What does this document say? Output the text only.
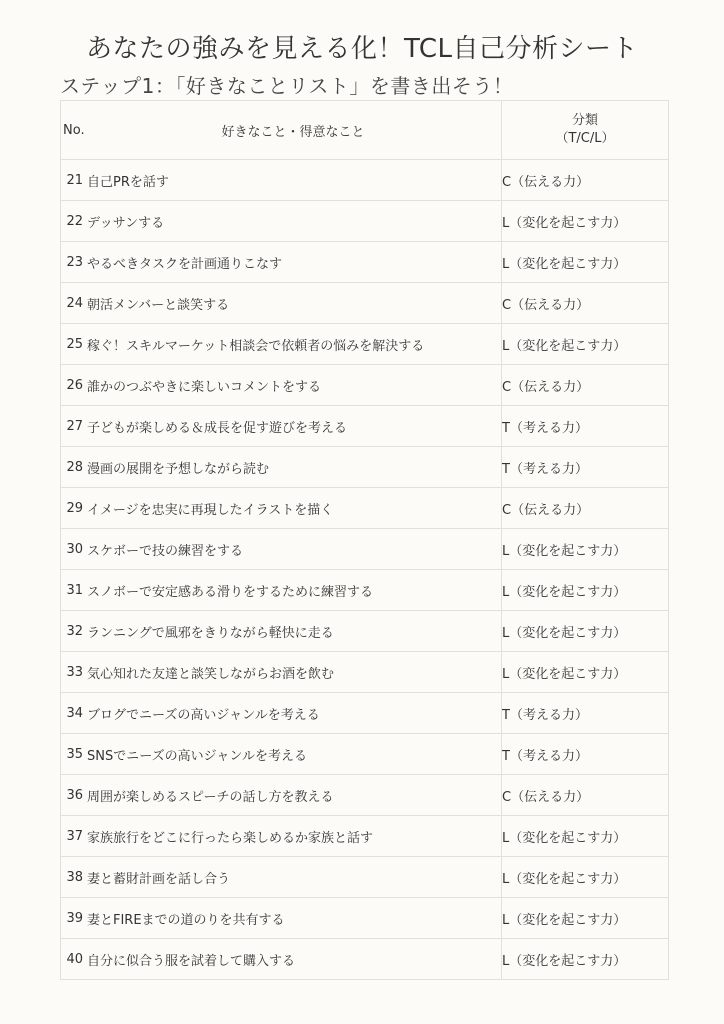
あなたの強みを見える化！TCL自己分析シート
ステップ1：「好きなことリスト」を書き出そう！
No.	好きなこと・得意なこと	分類
（T/C/L）

21	自己PRを話す	C（伝える力）
22	デッサンする	L（変化を起こす力）
23	やるべきタスクを計画通りこなす	L（変化を起こす力）
24	朝活メンバーと談笑する	C（伝える力）
25	稼ぐ！スキルマーケット相談会で依頼者の悩みを解決する	L（変化を起こす力）
26	誰かのつぶやきに楽しいコメントをする	C（伝える力）
27	子どもが楽しめる＆成長を促す遊びを考える	T（考える力）
28	漫画の展開を予想しながら読む	T（考える力）
29	イメージを忠実に再現したイラストを描く	C（伝える力）
30	スケボーで技の練習をする	L（変化を起こす力）
31	スノボーで安定感ある滑りをするために練習する	L（変化を起こす力）
32	ランニングで風邪をきりながら軽快に走る	L（変化を起こす力）
33	気心知れた友達と談笑しながらお酒を飲む	L（変化を起こす力）
34	ブログでニーズの高いジャンルを考える	T（考える力）
35	SNSでニーズの高いジャンルを考える	T（考える力）
36	周囲が楽しめるスピーチの話し方を教える	C（伝える力）
37	家族旅行をどこに行ったら楽しめるか家族と話す	L（変化を起こす力）
38	妻と蓄財計画を話し合う	L（変化を起こす力）
39	妻とFIREまでの道のりを共有する	L（変化を起こす力）
40	自分に似合う服を試着して購入する	L（変化を起こす力）
